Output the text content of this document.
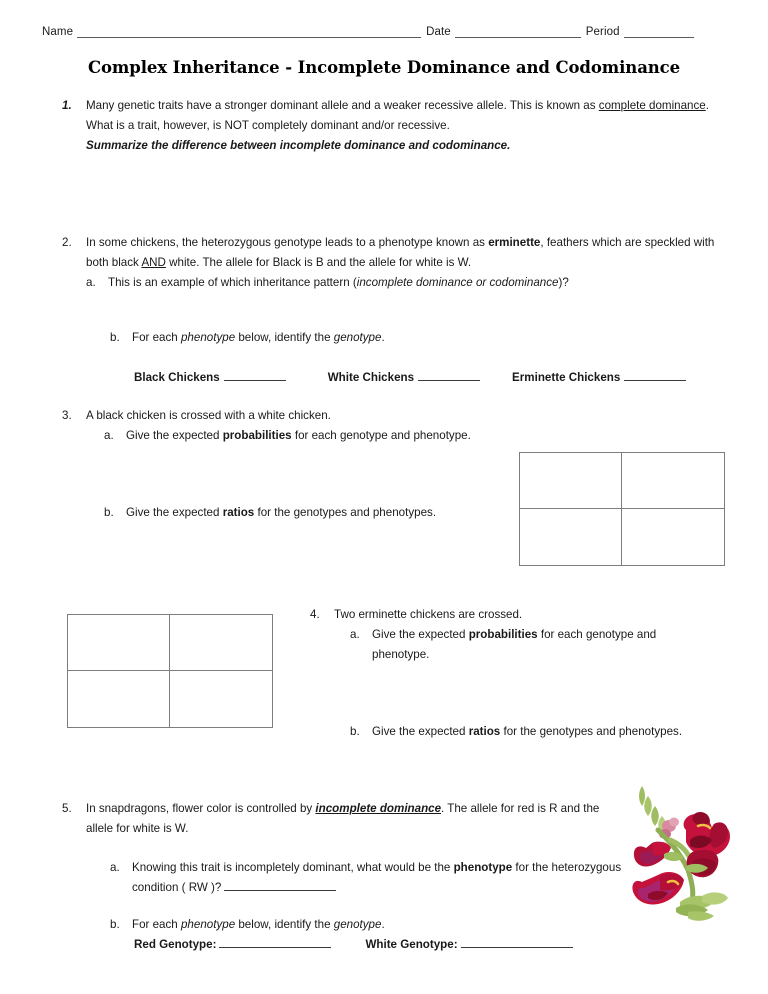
Name	Date	Period
Complex Inheritance - Incomplete Dominance and Codominance
1.	Many genetic traits have a stronger dominant allele and a weaker recessive allele. This is known as complete dominance. What is a trait, however, is NOT completely dominant and/or recessive.
Summarize the difference between incomplete dominance and codominance.
2.	In some chickens, the heterozygous genotype leads to a phenotype known as erminette, feathers which are speckled with both black AND white. The allele for Black is B and the allele for white is W.
a.	This is an example of which inheritance pattern (incomplete dominance or codominance)?
b.	For each phenotype below, identify the genotype.
Black Chickens	White Chickens	Erminette Chickens
3.	A black chicken is crossed with a white chicken.
a.	Give the expected probabilities for each genotype and phenotype.
b.	Give the expected ratios for the genotypes and phenotypes.
4.	Two erminette chickens are crossed.
a.	Give the expected probabilities for each genotype and phenotype.
b.	Give the expected ratios for the genotypes and phenotypes.
5.	In snapdragons, flower color is controlled by incomplete dominance. The allele for red is R and the allele for white is W.
a.	Knowing this trait is incompletely dominant, what would be the phenotype for the heterozygous condition ( RW )?
b.	For each phenotype below, identify the genotype.
Red Genotype:	White Genotype:
